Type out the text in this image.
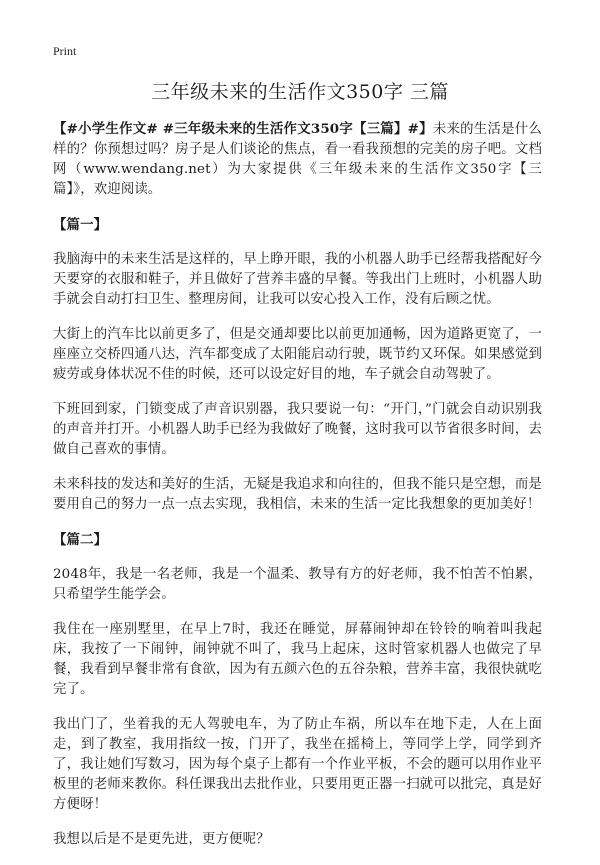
Print
三年级未来的生活作文350字 三篇

【#小学生作文# #三年级未来的生活作文350字【三篇】#】未来的生活是什么样的？你预想过吗？房子是人们谈论的焦点，看一看我预想的完美的房子吧。文档网（www.wendang.net）为大家提供《三年级未来的生活作文350字【三篇】》，欢迎阅读。

【篇一】

我脑海中的未来生活是这样的，早上睁开眼，我的小机器人助手已经帮我搭配好今天要穿的衣服和鞋子，并且做好了营养丰盛的早餐。等我出门上班时，小机器人助手就会自动打扫卫生、整理房间，让我可以安心投入工作，没有后顾之忧。

大街上的汽车比以前更多了，但是交通却要比以前更加通畅，因为道路更宽了，一座座立交桥四通八达，汽车都变成了太阳能启动行驶，既节约又环保。如果感觉到疲劳或身体状况不佳的时候，还可以设定好目的地，车子就会自动驾驶了。

下班回到家，门锁变成了声音识别器，我只要说一句：“开门，”门就会自动识别我的声音并打开。小机器人助手已经为我做好了晚餐，这时我可以节省很多时间，去做自己喜欢的事情。

未来科技的发达和美好的生活，无疑是我追求和向往的，但我不能只是空想，而是要用自己的努力一点一点去实现，我相信，未来的生活一定比我想象的更加美好！

【篇二】

2048年，我是一名老师，我是一个温柔、教导有方的好老师，我不怕苦不怕累，只希望学生能学会。

我住在一座别墅里，在早上7时，我还在睡觉，屏幕闹钟却在铃铃的响着叫我起床，我按了一下闹钟，闹钟就不叫了，我马上起床，这时管家机器人也做完了早餐，我看到早餐非常有食欲，因为有五颜六色的五谷杂粮，营养丰富，我很快就吃完了。

我出门了，坐着我的无人驾驶电车，为了防止车祸，所以车在地下走，人在上面走，到了教室，我用指纹一按，门开了，我坐在摇椅上，等同学上学，同学到齐了，我让她们写数习，因为每个桌子上都有一个作业平板，不会的题可以用作业平板里的老师来教你。科任课我出去批作业，只要用更正器一扫就可以批完，真是好方便呀！

我想以后是不是更先进，更方便呢？
